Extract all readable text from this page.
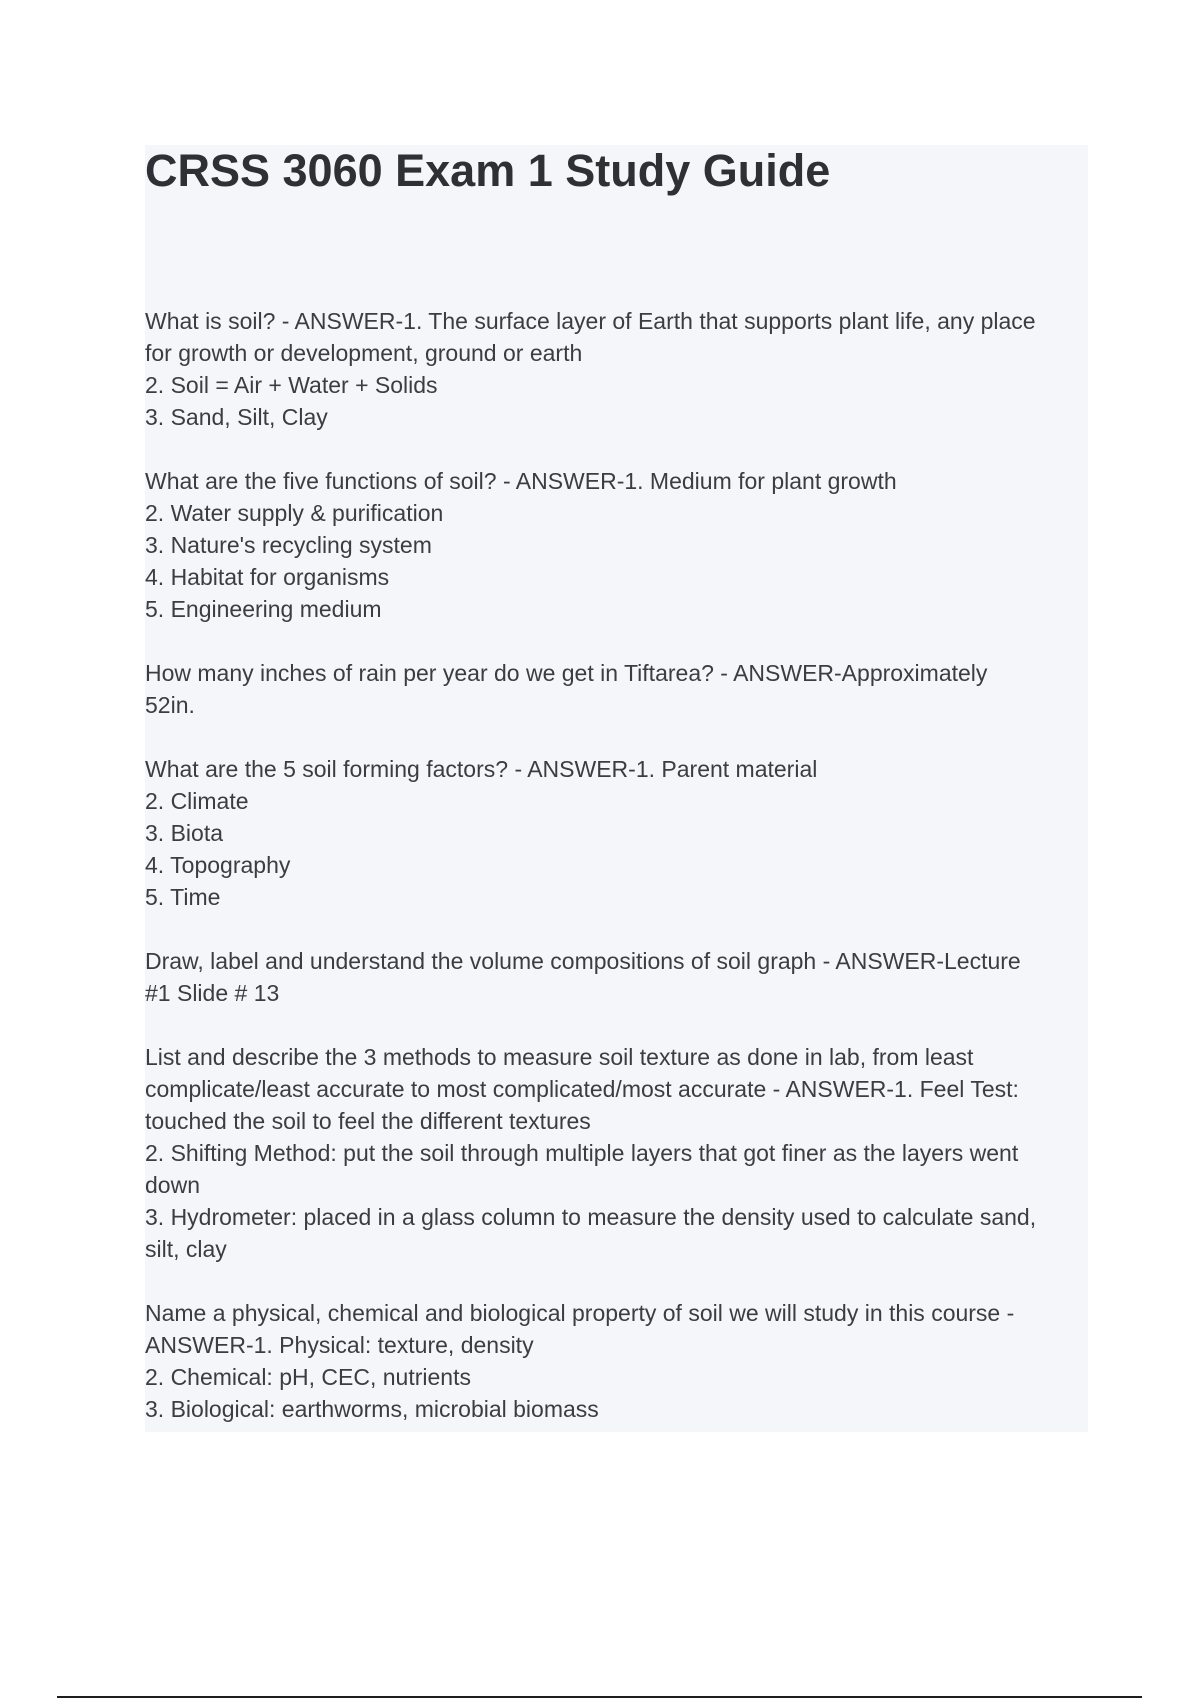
CRSS 3060 Exam 1 Study Guide

What is soil? - ANSWER-1. The surface layer of Earth that supports plant life, any place

for growth or development, ground or earth

2. Soil = Air + Water + Solids

3. Sand, Silt, Clay

What are the five functions of soil? - ANSWER-1. Medium for plant growth

2. Water supply & purification

3. Nature's recycling system

4. Habitat for organisms

5. Engineering medium

How many inches of rain per year do we get in Tiftarea? - ANSWER-Approximately

52in.

What are the 5 soil forming factors? - ANSWER-1. Parent material

2. Climate

3. Biota

4. Topography

5. Time

Draw, label and understand the volume compositions of soil graph - ANSWER-Lecture

#1 Slide # 13

List and describe the 3 methods to measure soil texture as done in lab, from least

complicate/least accurate to most complicated/most accurate - ANSWER-1. Feel Test:

touched the soil to feel the different textures

2. Shifting Method: put the soil through multiple layers that got finer as the layers went

down

3. Hydrometer: placed in a glass column to measure the density used to calculate sand,

silt, clay

Name a physical, chemical and biological property of soil we will study in this course -

ANSWER-1. Physical: texture, density

2. Chemical: pH, CEC, nutrients

3. Biological: earthworms, microbial biomass
